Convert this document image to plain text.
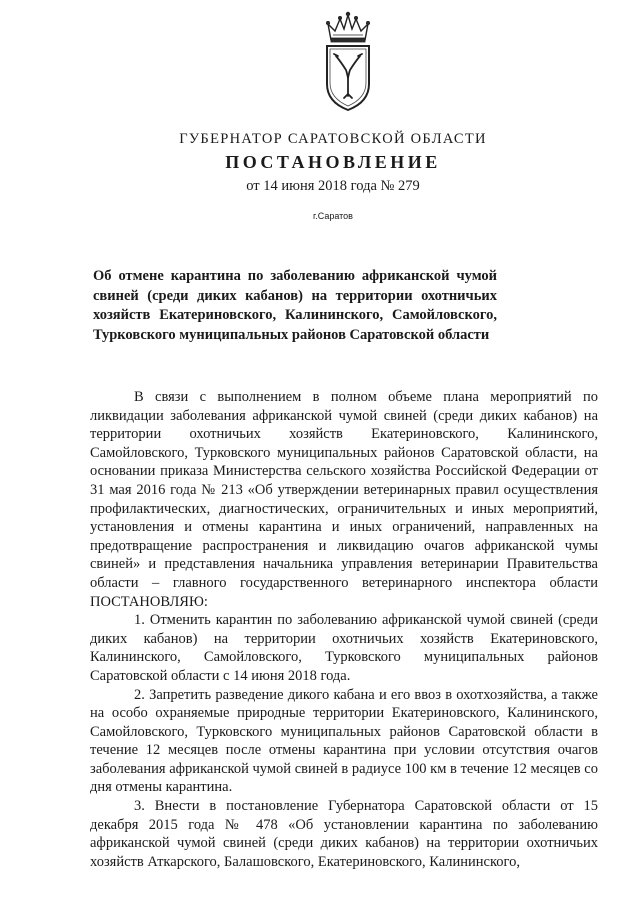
ГУБЕРНАТОР САРАТОВСКОЙ ОБЛАСТИ
ПОСТАНОВЛЕНИЕ
от 14 июня 2018 года № 279
г.Саратов

Об отмене карантина по заболеванию африканской чумой свиней (среди диких кабанов) на территории охотничьих хозяйств Екатериновского, Калининского, Самойловского, Турковского муниципальных районов Саратовской области

В связи с выполнением в полном объеме плана мероприятий по ликвидации заболевания африканской чумой свиней (среди диких кабанов) на территории охотничьих хозяйств Екатериновского, Калининского, Самойловского, Турковского муниципальных районов Саратовской области, на основании приказа Министерства сельского хозяйства Российской Федерации от 31 мая 2016 года № 213 «Об утверждении ветеринарных правил осуществления профилактических, диагностических, ограничительных и иных мероприятий, установления и отмены карантина и иных ограничений, направленных на предотвращение распространения и ликвидацию очагов африканской чумы свиней» и представления начальника управления ветеринарии Правительства области – главного государственного ветеринарного инспектора области ПОСТАНОВЛЯЮ:

1. Отменить карантин по заболеванию африканской чумой свиней (среди диких кабанов) на территории охотничьих хозяйств Екатериновского, Калининского, Самойловского, Турковского муниципальных районов Саратовской области с 14 июня 2018 года.

2. Запретить разведение дикого кабана и его ввоз в охотхозяйства, а также на особо охраняемые природные территории Екатериновского, Калининского, Самойловского, Турковского муниципальных районов Саратовской области в течение 12 месяцев после отмены карантина при условии отсутствия очагов заболевания африканской чумой свиней в радиусе 100 км в течение 12 месяцев со дня отмены карантина.

3. Внести в постановление Губернатора Саратовской области от 15 декабря 2015 года № 478 «Об установлении карантина по заболеванию африканской чумой свиней (среди диких кабанов) на территории охотничьих хозяйств Аткарского, Балашовского, Екатериновского, Калининского,
